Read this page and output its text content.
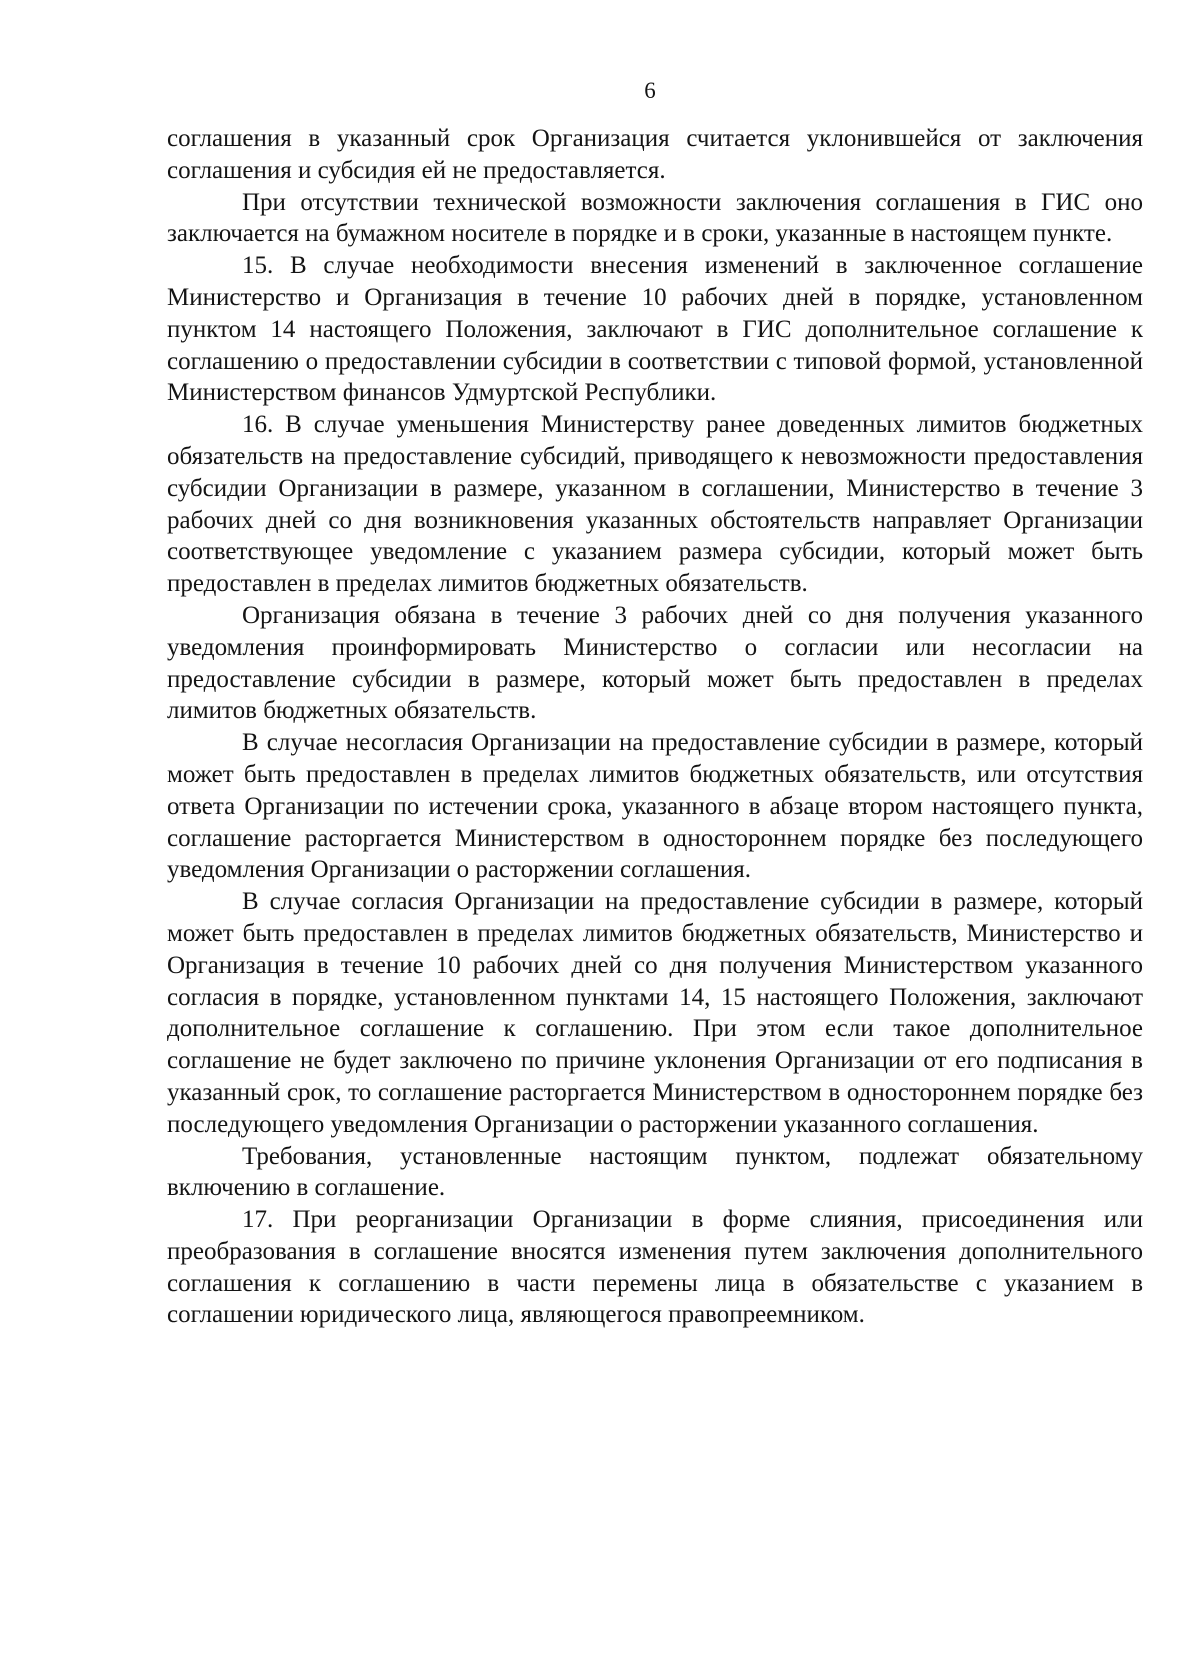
6

соглашения в указанный срок Организация считается уклонившейся от заключения соглашения и субсидия ей не предоставляется.

При отсутствии технической возможности заключения соглашения в ГИС оно заключается на бумажном носителе в порядке и в сроки, указанные в настоящем пункте.

15. В случае необходимости внесения изменений в заключенное соглашение Министерство и Организация в течение 10 рабочих дней в порядке, установленном пунктом 14 настоящего Положения, заключают в ГИС дополнительное соглашение к соглашению о предоставлении субсидии в соответствии с типовой формой, установленной Министерством финансов Удмуртской Республики.

16. В случае уменьшения Министерству ранее доведенных лимитов бюджетных обязательств на предоставление субсидий, приводящего к невозможности предоставления субсидии Организации в размере, указанном в соглашении, Министерство в течение 3 рабочих дней со дня возникновения указанных обстоятельств направляет Организации соответствующее уведомление с указанием размера субсидии, который может быть предоставлен в пределах лимитов бюджетных обязательств.

Организация обязана в течение 3 рабочих дней со дня получения указанного уведомления проинформировать Министерство о согласии или несогласии на предоставление субсидии в размере, который может быть предоставлен в пределах лимитов бюджетных обязательств.

В случае несогласия Организации на предоставление субсидии в размере, который может быть предоставлен в пределах лимитов бюджетных обязательств, или отсутствия ответа Организации по истечении срока, указанного в абзаце втором настоящего пункта, соглашение расторгается Министерством в одностороннем порядке без последующего уведомления Организации о расторжении соглашения.

В случае согласия Организации на предоставление субсидии в размере, который может быть предоставлен в пределах лимитов бюджетных обязательств, Министерство и Организация в течение 10 рабочих дней со дня получения Министерством указанного согласия в порядке, установленном пунктами 14, 15 настоящего Положения, заключают дополнительное соглашение к соглашению. При этом если такое дополнительное соглашение не будет заключено по причине уклонения Организации от его подписания в указанный срок, то соглашение расторгается Министерством в одностороннем порядке без последующего уведомления Организации о расторжении указанного соглашения.

Требования, установленные настоящим пунктом, подлежат обязательному включению в соглашение.

17. При реорганизации Организации в форме слияния, присоединения или преобразования в соглашение вносятся изменения путем заключения дополнительного соглашения к соглашению в части перемены лица в обязательстве с указанием в соглашении юридического лица, являющегося правопреемником.
